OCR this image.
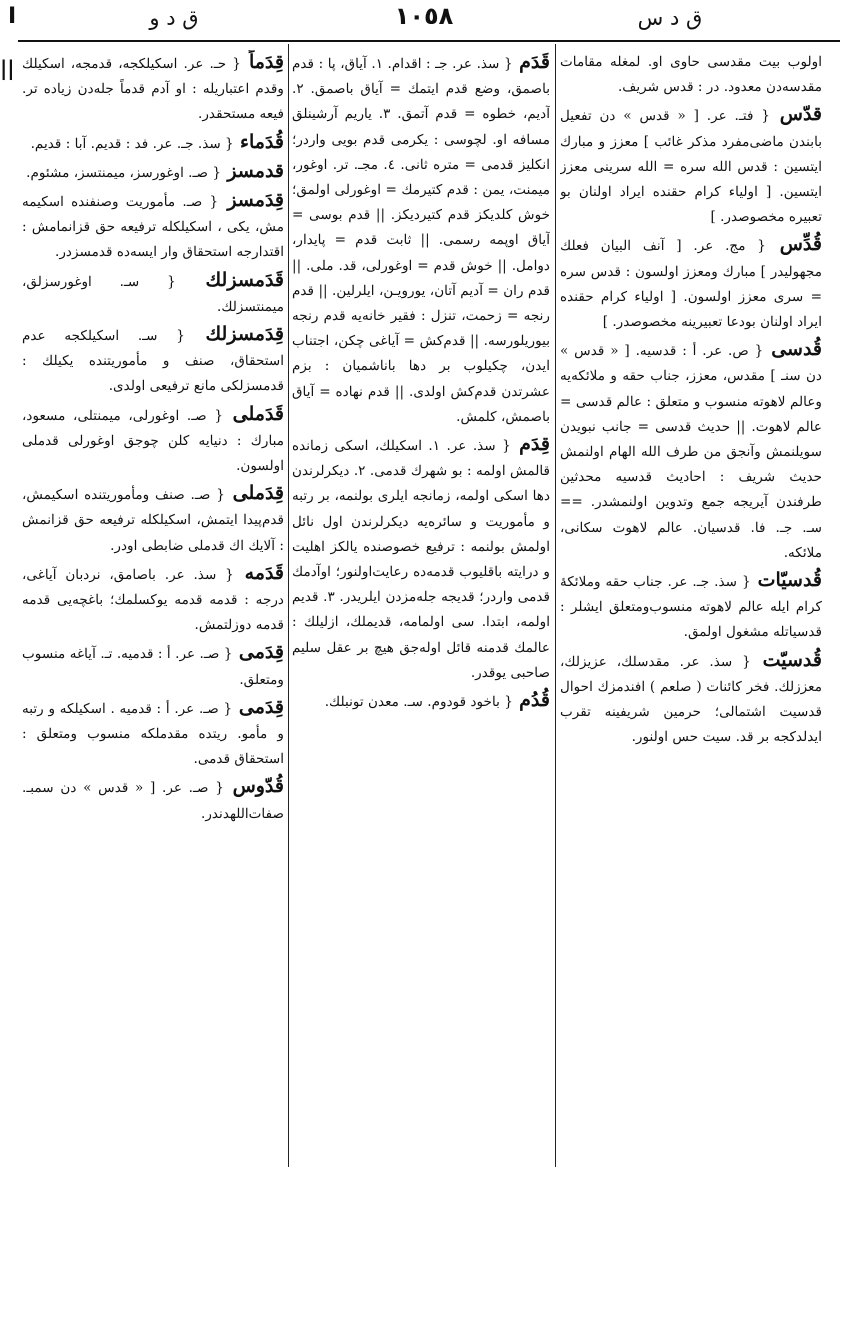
I	ق د و	١٠٥٨	ق د س
||	اولوب بیت مقدسی حاوی او. لمغله مقامات مقدسه‌دن معدود. در : قدس شریف.
قدّس { فتـ. عر. [ « قدس » دن تفعیل بابندن ماضی‌مفرد مذکر غائب ] معزز و مبارك ایتسین : قدس الله سره = الله سرینی معزز ایتسین. [ اولیاء کرام حقنده ایراد اولنان بو تعبیره مخصوصدر. ]
قُدِّس { مج. عر. [ آنف البیان فعلك مجهولیدر ] مبارك ومعزز اولسون : قدس سره = سری معزز اولسون. [ اولیاء کرام حقنده ایراد اولنان بودعا تعبیرینه مخصوصدر. ]
قُدسی { ص. عر. أ : قدسیه. [ « قدس » دن سنـ ] مقدس، معزز، جناب حقه و ملائکه‌یه وعالم لاهوته منسوب و متعلق : عالم قدسی = عالم لاهوت. || حدیث قدسی = جانب نبویدن سویلنمش وآنجق من طرف الله الهام اولنمش حدیث شریف : احادیث قدسیه محدثین طرفندن آیریجه جمع وتدوین اولنمشدر. == سـ. جـ. فا. قدسیان. عالم لاهوت سکانی، ملائکه.
قُدسیّات { سذ. جـ. عر. جناب حقه وملائکهٔ کرام ایله عالم لاهوته منسوب‌ومتعلق ایشلر : قدسیاتله مشغول اولمق.
قُدسیّت { سذ. عر. مقدسلك، عزیزلك، معززلك. فخر کائنات ( صلعم ) افندمزك احوال قدسیت اشتمالی؛ حرمین شریفینه تقرب ایدلدکجه بر قد. سیت حس اولنور.
قَدَم { سذ. عر. جـ : اقدام. ١. آیاق، پا : قدم باصمق، وضع قدم ایتمك = آیاق باصمق. ٢. آدیم، خطوه = قدم آتمق. ٣. یاریم آرشینلق مسافه او. لچوسی : یکرمی قدم بویی واردر؛ انکلیز قدمی = متره ثانی. ٤. مجـ. تر. اوغور، میمنت، یمن : قدم کتیرمك = اوغورلی اولمق؛ خوش کلدیکز قدم کتیردیکز. || قدم بوسی = آیاق اوپمه رسمی. || ثابت قدم = پایدار، دوامل. || خوش قدم = اوغورلی، قد. ملی. || قدم ران = آدیم آتان، یورویـن، ایلرلین. || قدم رنجه = زحمت، تنزل : فقیر خانه‌یه قدم رنجه بیوریلورسه. || قدم‌کش = آیاغی چکن، اجتناب ایدن، چکیلوب بر دها باناشمیان : بزم عشرتدن قدم‌کش اولدی. || قدم نهاده = آیاق باصمش، کلمش.
قِدَم { سذ. عر. ١. اسکیلك، اسکی زمانده قالمش اولمه : بو شهرك قدمی. ٢. دیکرلرندن دها اسکی اولمه، زمانجه ایلری بولنمه، بر رتبه و مأموریت و سائره‌یه دیکرلرندن اول نائل اولمش بولنمه : ترفیع خصوصنده یالکز اهلیت و درایته باقلیوب قدمه‌ده رعایت‌اولنور؛ اوآدمك قدمی واردر؛ قدیجه جله‌مزدن ایلریدر. ٣. قدیم اولمه، ابتدا. سی اولمامه، قدیملك، ازلیلك : عالمك قدمنه قائل اوله‌جق هیچ بر عقل سلیم صاحبی یوقدر.
قُدُم { باخود قودوم. سـ. معدن تونبلك.
قِدَماً { حـ. عر. اسکیلکجه، قدمجه، اسکیلك وقدم اعتباریله : او آدم قدماً جله‌دن زیاده تر. فیعه مستحقدر.
قُدَماء { سذ. جـ. عر. فد : قدیم. آبا : قدیم.
قدمسز { صـ. اوغورسز، میمنتسز، مشئوم.
قِدَمسز { صـ. مأموریت وصنفنده اسکیمه مش، یکی ، اسکیلکله ترفیعه حق قزانمامش : اقتدارجه استحقاق وار ایسه‌ده قدمسزدر.
قَدَمسزلك { سـ. اوغورسزلق، میمنتسزلك.
قِدَمسزلك { سـ. اسکیلکجه عدم استحقاق، صنف و مأموریتنده یکیلك : قدمسزلکی مانع ترفیعی اولدی.
قَدَملی { صـ. اوغورلی، میمنتلی، مسعود، مبارك : دنیایه کلن چوجق اوغورلی قدملی اولسون.
قِدَملی { صـ. صنف ومأموریتنده اسکیمش، قدم‌پیدا ایتمش، اسکیلکله ترفیعه حق قزانمش : آلایك اك قدملی ضابطی اودر.
قَدَمه { سذ. عر. باصامق، نردبان آیاغی، درجه : قدمه قدمه یوکسلمك؛ باغچه‌یی قدمه قدمه دوزلتمش.
قِدَمی { صـ. عر. أ : قدمیه. تـ. آیاغه منسوب ومتعلق.
قِدَمی { صـ. عر. أ : قدمیه . اسکیلکه و رتبه و مأمو. ریتده مقدملکه منسوب ومتعلق : استحقاق قدمی.
قُدّوس { صـ. عر. [ « قدس » دن سمبـ. صفات‌اللهدندر.
